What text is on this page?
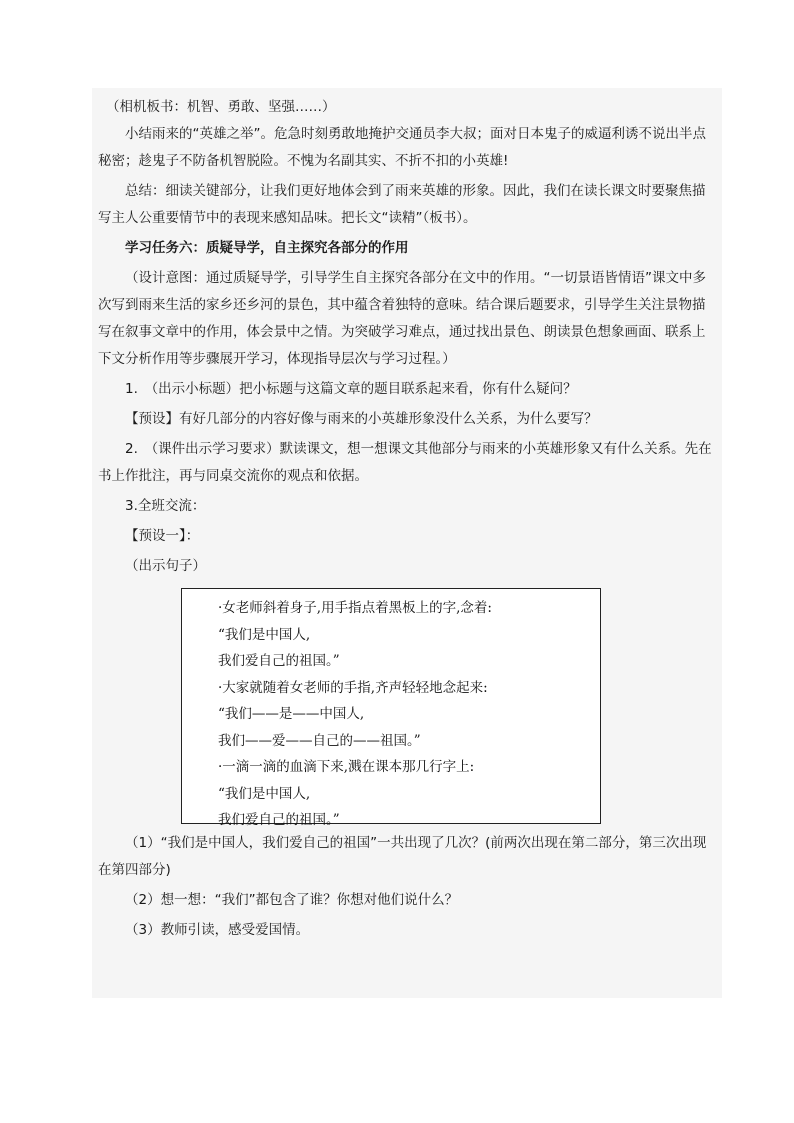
（相机板书：机智、勇敢、坚强……）

小结雨来的“英雄之举”。危急时刻勇敢地掩护交通员李大叔；面对日本鬼子的威逼利诱不说出半点秘密；趁鬼子不防备机智脱险。不愧为名副其实、不折不扣的小英雄!

总结：细读关键部分，让我们更好地体会到了雨来英雄的形象。因此，我们在读长课文时要聚焦描写主人公重要情节中的表现来感知品味。把长文“读精”（板书）。

学习任务六：质疑导学，自主探究各部分的作用

（设计意图：通过质疑导学，引导学生自主探究各部分在文中的作用。“一切景语皆情语”课文中多次写到雨来生活的家乡还乡河的景色，其中蕴含着独特的意味。结合课后题要求，引导学生关注景物描写在叙事文章中的作用，体会景中之情。为突破学习难点，通过找出景色、朗读景色想象画面、联系上下文分析作用等步骤展开学习，体现指导层次与学习过程。）

1.　（出示小标题）把小标题与这篇文章的题目联系起来看，你有什么疑问？

【预设】有好几部分的内容好像与雨来的小英雄形象没什么关系，为什么要写？

2.　（课件出示学习要求）默读课文，想一想课文其他部分与雨来的小英雄形象又有什么关系。先在书上作批注，再与同桌交流你的观点和依据。

3.全班交流：

【预设一】：

（出示句子）

·女老师斜着身子,用手指点着黑板上的字,念着:

“我们是中国人,

我们爱自己的祖国。”

·大家就随着女老师的手指,齐声轻轻地念起来:

“我们——是——中国人,

我们——爱——自己的——祖国。”

·一滴一滴的血滴下来,溅在课本那几行字上:

“我们是中国人,

我们爱自己的祖国。”

（1）“我们是中国人，我们爱自己的祖国”一共出现了几次？(前两次出现在第二部分，第三次出现在第四部分)

（2）想一想：“我们”都包含了谁？你想对他们说什么？

（3）教师引读，感受爱国情。
